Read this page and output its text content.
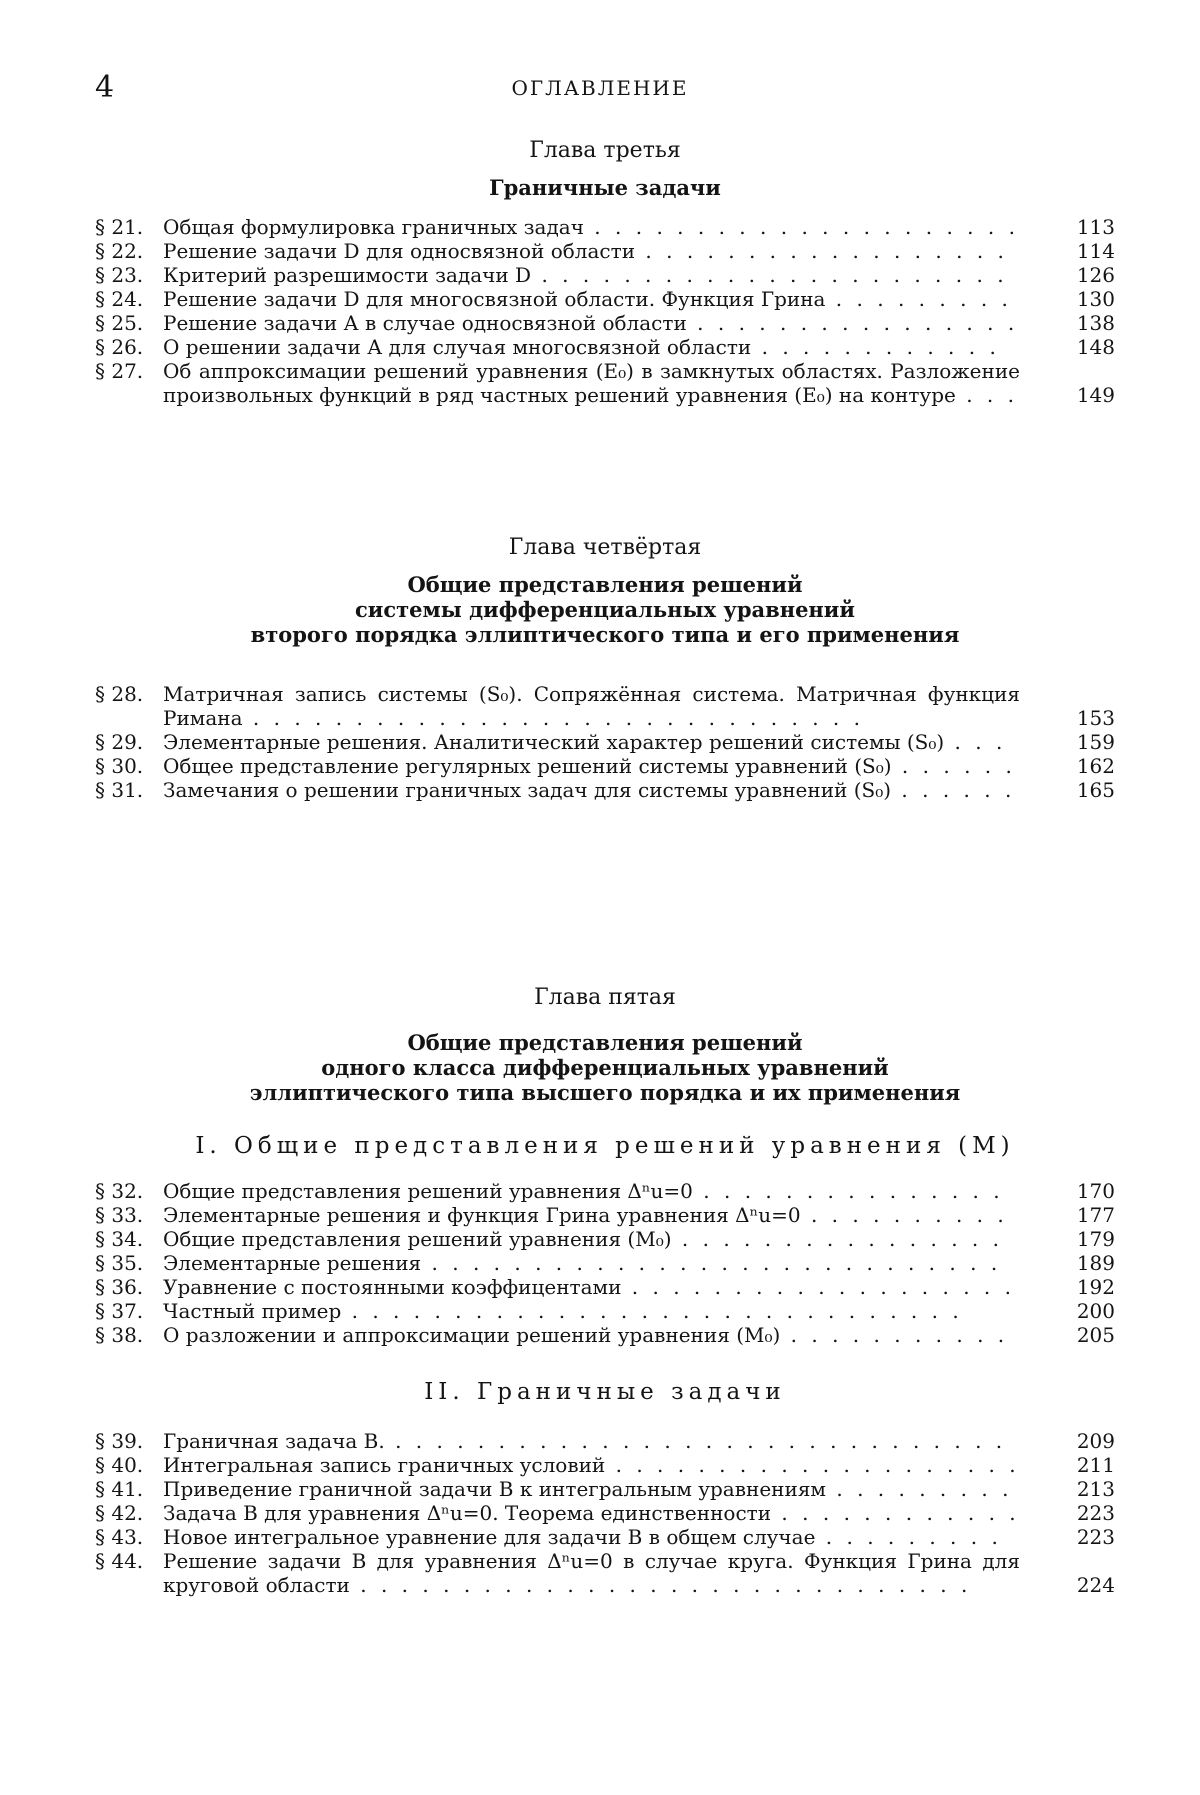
4	ОГЛАВЛЕНИЕ

Глава третья

Граничные задачи

§ 21. Общая формулировка граничных задач . . . . . . . . . . . . . . . . . . . . .	113
§ 22. Решение задачи D для односвязной области . . . . . . . . . . . . . . . . . .	114
§ 23. Критерий разрешимости задачи D . . . . . . . . . . . . . . . . . . . . . . .	126
§ 24. Решение задачи D для многосвязной области. Функция Грина . . . . . . . . .	130
§ 25. Решение задачи А в случае односвязной области . . . . . . . . . . . . . . . .	138
§ 26. О решении задачи А для случая многосвязной области . . . . . . . . . . . .	148
§ 27. Об аппроксимации решений уравнения (E₀) в замкнутых областях. Разложение произвольных функций в ряд частных решений уравнения (E₀) на контуре . . .	149

Глава четвёртая

Общие представления решений
системы дифференциальных уравнений
второго порядка эллиптического типа и его применения
§ 28. Матричная запись системы (S₀). Сопряжённая система. Матричная функция Римана . . . . . . . . . . . . . . . . . . . . . . . . . . . . . .	153
§ 29. Элементарные решения. Аналитический характер решений системы (S₀) . . .	159
§ 30. Общее представление регулярных решений системы уравнений (S₀) . . . . . .	162
§ 31. Замечания о решении граничных задач для системы уравнений (S₀) . . . . . .	165

Глава пятая

Общие представления решений
одного класса дифференциальных уравнений
эллиптического типа высшего порядка и их применения

I. Общие представления решений уравнения (M)

§ 32. Общие представления решений уравнения Δⁿu=0 . . . . . . . . . . . . . . .	170
§ 33. Элементарные решения и функция Грина уравнения Δⁿu=0 . . . . . . . . . .	177
§ 34. Общие представления решений уравнения (M₀) . . . . . . . . . . . . . . . .	179
§ 35. Элементарные решения . . . . . . . . . . . . . . . . . . . . . . . . . . . .	189
§ 36. Уравнение с постоянными коэффицентами . . . . . . . . . . . . . . . . . . .	192
§ 37. Частный пример . . . . . . . . . . . . . . . . . . . . . . . . . . . . . .	200
§ 38. О разложении и аппроксимации решений уравнения (M₀) . . . . . . . . . . .	205

II. Граничные задачи

§ 39. Граничная задача B. . . . . . . . . . . . . . . . . . . . . . . . . . . . . . .	209
§ 40. Интегральная запись граничных условий . . . . . . . . . . . . . . . . . . . .	211
§ 41. Приведение граничной задачи B к интегральным уравнениям . . . . . . . . .	213
§ 42. Задача B для уравнения Δⁿu=0. Теорема единственности . . . . . . . . . . . .	223
§ 43. Новое интегральное уравнение для задачи B в общем случае . . . . . . . . .	223
§ 44. Решение задачи B для уравнения Δⁿu=0 в случае круга. Функция Грина для круговой области . . . . . . . . . . . . . . . . . . . . . . . . . . . . . .	224
